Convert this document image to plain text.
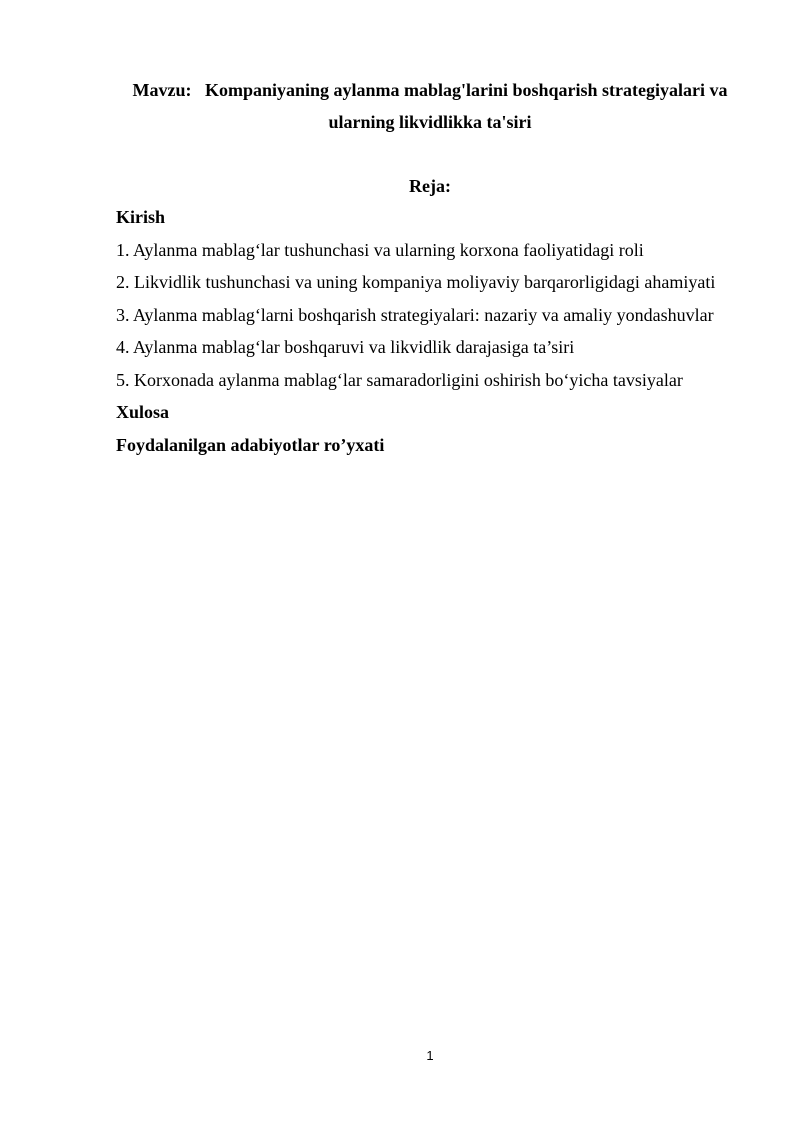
Mavzu: Kompaniyaning aylanma mablag'larini boshqarish strategiyalari va
ularning likvidlikka ta'siri
Reja:
Kirish
1. Aylanma mablag‘lar tushunchasi va ularning korxona faoliyatidagi roli
2. Likvidlik tushunchasi va uning kompaniya moliyaviy barqarorligidagi ahamiyati
3. Aylanma mablag‘larni boshqarish strategiyalari: nazariy va amaliy yondashuvlar
4. Aylanma mablag‘lar boshqaruvi va likvidlik darajasiga ta’siri
5. Korxonada aylanma mablag‘lar samaradorligini oshirish bo‘yicha tavsiyalar
Xulosa
Foydalanilgan adabiyotlar ro’yxati
1
